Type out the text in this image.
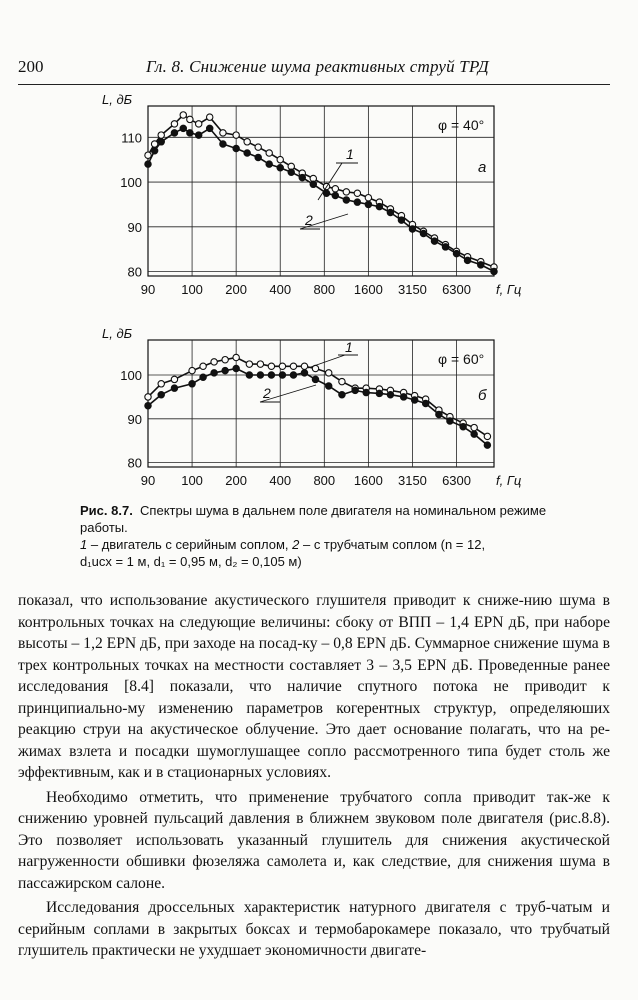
200	Гл. 8. Снижение шума реактивных струй ТРД
80
90
100
110
90 100 200 400 800 1600 3150 6300
L, дБ
f, Гц
φ = 40°
а
1
2
80
90
100
90 100 200 400 800 1600 3150 6300
L, дБ
f, Гц
φ = 60°
б
1
2
Рис. 8.7. Спектры шума в дальнем поле двигателя на номинальном режиме работы.
1 – двигатель с серийным соплом, 2 – с трубчатым соплом (n = 12,
d₁ucx = 1 м, d₁ = 0,95 м, d₂ = 0,105 м)

показал, что использование акустического глушителя приводит к сниже-нию шума в контрольных точках на следующие величины: сбоку от ВПП – 1,4 EPN дБ, при наборе высоты – 1,2 EPN дБ, при заходе на посад-ку – 0,8 EPN дБ. Суммарное снижение шума в трех контрольных точках на местности составляет 3 – 3,5 EPN дБ. Проведенные ранее исследования [8.4] показали, что наличие спутного потока не приводит к принципиально-му изменению параметров когерентных структур, определяюших реакцию струи на акустическое облучение. Это дает основание полагать, что на ре-жимах взлета и посадки шумоглушащее сопло рассмотренного типа будет столь же эффективным, как и в стационарных условиях.

Необходимо отметить, что применение трубчатого сопла приводит так-же к снижению уровней пульсаций давления в ближнем звуковом поле двигателя (рис.8.8). Это позволяет использовать указанный глушитель для снижения акустической нагруженности обшивки фюзеляжа самолета и, как следствие, для снижения шума в пассажирском салоне.

Исследования дроссельных характеристик натурного двигателя с труб-чатым и серийным соплами в закрытых боксах и термобарокамере показало, что трубчатый глушитель практически не ухудшает экономичности двигате-
